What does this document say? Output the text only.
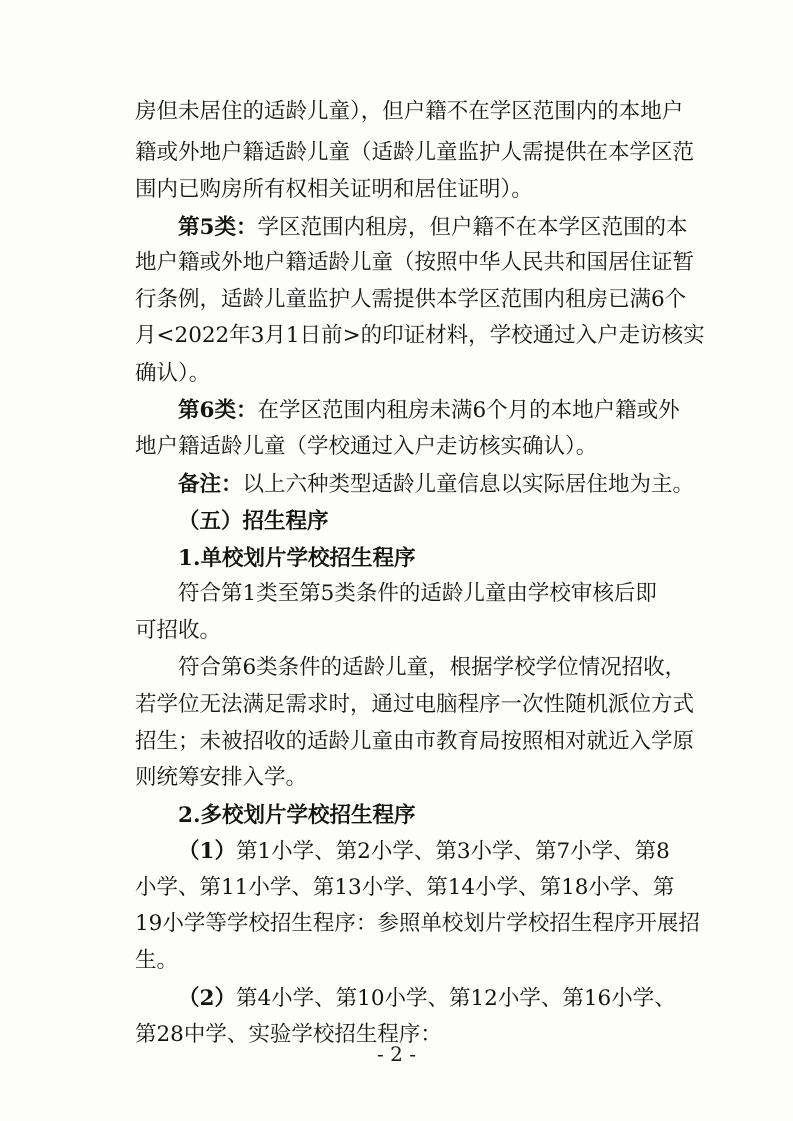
房但未居住的适龄儿童），但户籍不在学区范围内的本地户
籍或外地户籍适龄儿童（适龄儿童监护人需提供在本学区范
围内已购房所有权相关证明和居住证明）。
第5类：学区范围内租房，但户籍不在本学区范围的本
地户籍或外地户籍适龄儿童（按照中华人民共和国居住证暂
行条例，适龄儿童监护人需提供本学区范围内租房已满6个
月<2022年3月1日前>的印证材料，学校通过入户走访核实
确认）。
第6类：在学区范围内租房未满6个月的本地户籍或外
地户籍适龄儿童（学校通过入户走访核实确认）。
备注：以上六种类型适龄儿童信息以实际居住地为主。
（五）招生程序
1.单校划片学校招生程序
符合第1类至第5类条件的适龄儿童由学校审核后即
可招收。
符合第6类条件的适龄儿童，根据学校学位情况招收，
若学位无法满足需求时，通过电脑程序一次性随机派位方式
招生；未被招收的适龄儿童由市教育局按照相对就近入学原
则统筹安排入学。
2.多校划片学校招生程序
（1）第1小学、第2小学、第3小学、第7小学、第8
小学、第11小学、第13小学、第14小学、第18小学、第
19小学等学校招生程序：参照单校划片学校招生程序开展招
生。
（2）第4小学、第10小学、第12小学、第16小学、
第28中学、实验学校招生程序：
- 2 -
